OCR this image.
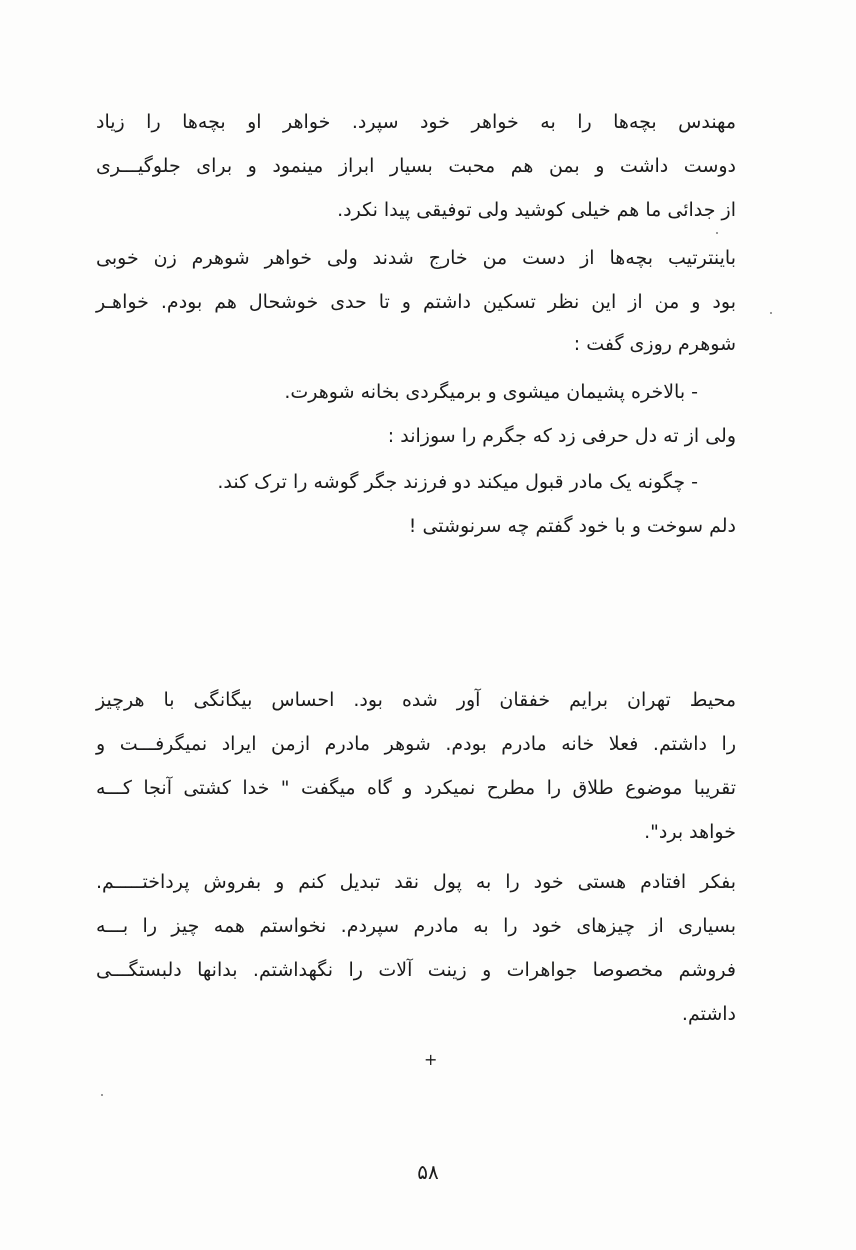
مهندس بچه‌ها را به خواهر خود سپرد. خواهر او بچه‌ها را زیاد
دوست داشت و بمن هم محبت بسیار ابراز مینمود و برای جلوگیـــری
از جدائی ما هم خیلی کوشید ولی توفیقی پیدا نکرد.
باینترتیب بچه‌ها از دست من خارج شدند ولی خواهر شوهرم زن خوبی
بود و من از این نظر تسکین داشتم و تا حدی خوشحال هم بودم. خواهـر
شوهرم روزی گفت :
- بالاخره پشیمان میشوی و برمیگردی بخانه شوهرت.
ولی از ته دل حرفی زد که جگرم را سوزاند :
- چگونه یک مادر قبول میکند دو فرزند جگر گوشه را ترک کند.
دلم سوخت و با خود گفتم چه سرنوشتی !
محیط تهران برایم خفقان آور شده بود. احساس بیگانگی با هرچیز
را داشتم. فعلا خانه مادرم بودم. شوهر مادرم ازمن ایراد نمیگرفـــت و
تقریبا موضوع طلاق را مطرح نمیکرد و گاه میگفت " خدا کشتی آنجا کـــه
خواهد برد".
بفکر افتادم هستی خود را به پول نقد تبدیل کنم و بفروش پرداختـــــم.
بسیاری از چیزهای خود را به مادرم سپردم. نخواستم همه چیز را بـــه
فروشم مخصوصا جواهرات و زینت آلات را نگهداشتم. بدانها دلبستگـــی
داشتم.
+
۵۸
